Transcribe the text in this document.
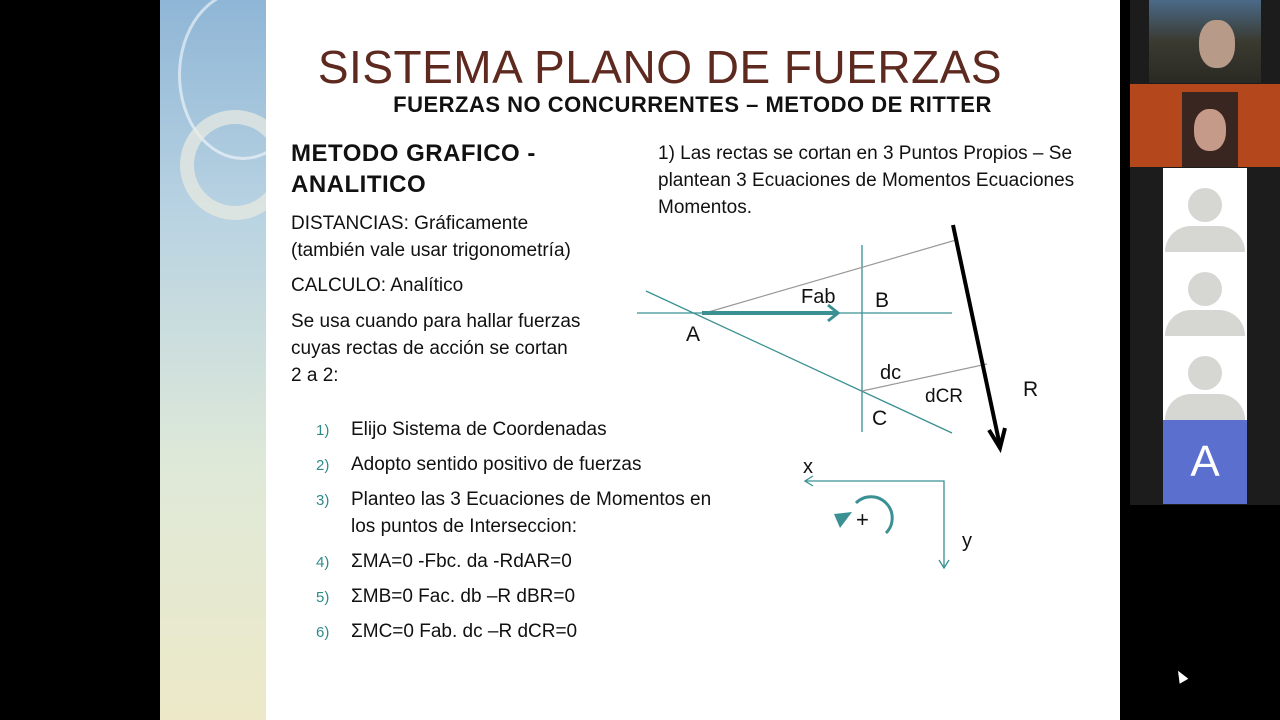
SISTEMA PLANO DE FUERZAS
FUERZAS NO CONCURRENTES – METODO DE RITTER
METODO GRAFICO -
ANALITICO
DISTANCIAS: Gráficamente
(también vale usar trigonometría)
CALCULO: Analítico
Se usa cuando para hallar fuerzas
cuyas rectas de acción se cortan
2 a 2:
1) Las rectas se cortan en 3 Puntos Propios – Se
plantean 3 Ecuaciones de Momentos Ecuaciones
Momentos.
1) Elijo Sistema de Coordenadas
2) Adopto sentido positivo de fuerzas
3) Planteo las 3 Ecuaciones de Momentos en
los puntos de Interseccion:
4) ΣMA=0 -Fbc. da -RdAR=0
5) ΣMB=0 Fac. db –R dBR=0
6) ΣMC=0 Fab. dc –R dCR=0
A
B
C
R
Fab
dc
dCR
x
y
+
A
